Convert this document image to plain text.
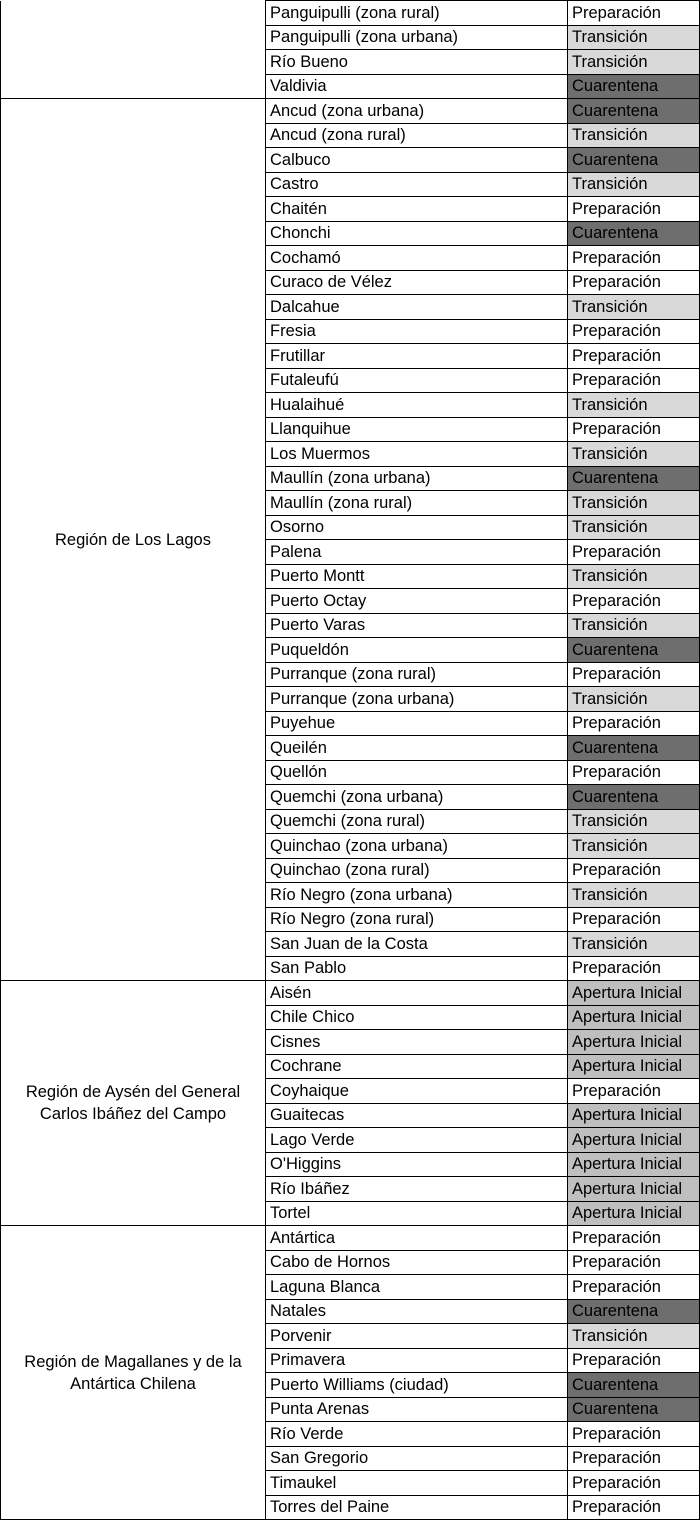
	Panguipulli (zona rural)	Preparación
	Panguipulli (zona urbana)	Transición
	Río Bueno	Transición
	Valdivia	Cuarentena
Región de Los Lagos	Ancud (zona urbana)	Cuarentena
	Ancud (zona rural)	Transición
	Calbuco	Cuarentena
	Castro	Transición
	Chaitén	Preparación
	Chonchi	Cuarentena
	Cochamó	Preparación
	Curaco de Vélez	Preparación
	Dalcahue	Transición
	Fresia	Preparación
	Frutillar	Preparación
	Futaleufú	Preparación
	Hualaihué	Transición
	Llanquihue	Preparación
	Los Muermos	Transición
	Maullín (zona urbana)	Cuarentena
	Maullín (zona rural)	Transición
	Osorno	Transición
	Palena	Preparación
	Puerto Montt	Transición
	Puerto Octay	Preparación
	Puerto Varas	Transición
	Puqueldón	Cuarentena
	Purranque (zona rural)	Preparación
	Purranque (zona urbana)	Transición
	Puyehue	Preparación
	Queilén	Cuarentena
	Quellón	Preparación
	Quemchi (zona urbana)	Cuarentena
	Quemchi (zona rural)	Transición
	Quinchao (zona urbana)	Transición
	Quinchao (zona rural)	Preparación
	Río Negro (zona urbana)	Transición
	Río Negro (zona rural)	Preparación
	San Juan de la Costa	Transición
	San Pablo	Preparación
Región de Aysén del General Carlos Ibáñez del Campo	Aisén	Apertura Inicial
	Chile Chico	Apertura Inicial
	Cisnes	Apertura Inicial
	Cochrane	Apertura Inicial
	Coyhaique	Preparación
	Guaitecas	Apertura Inicial
	Lago Verde	Apertura Inicial
	O'Higgins	Apertura Inicial
	Río Ibáñez	Apertura Inicial
	Tortel	Apertura Inicial
Región de Magallanes y de la Antártica Chilena	Antártica	Preparación
	Cabo de Hornos	Preparación
	Laguna Blanca	Preparación
	Natales	Cuarentena
	Porvenir	Transición
	Primavera	Preparación
	Puerto Williams (ciudad)	Cuarentena
	Punta Arenas	Cuarentena
	Río Verde	Preparación
	San Gregorio	Preparación
	Timaukel	Preparación
	Torres del Paine	Preparación
